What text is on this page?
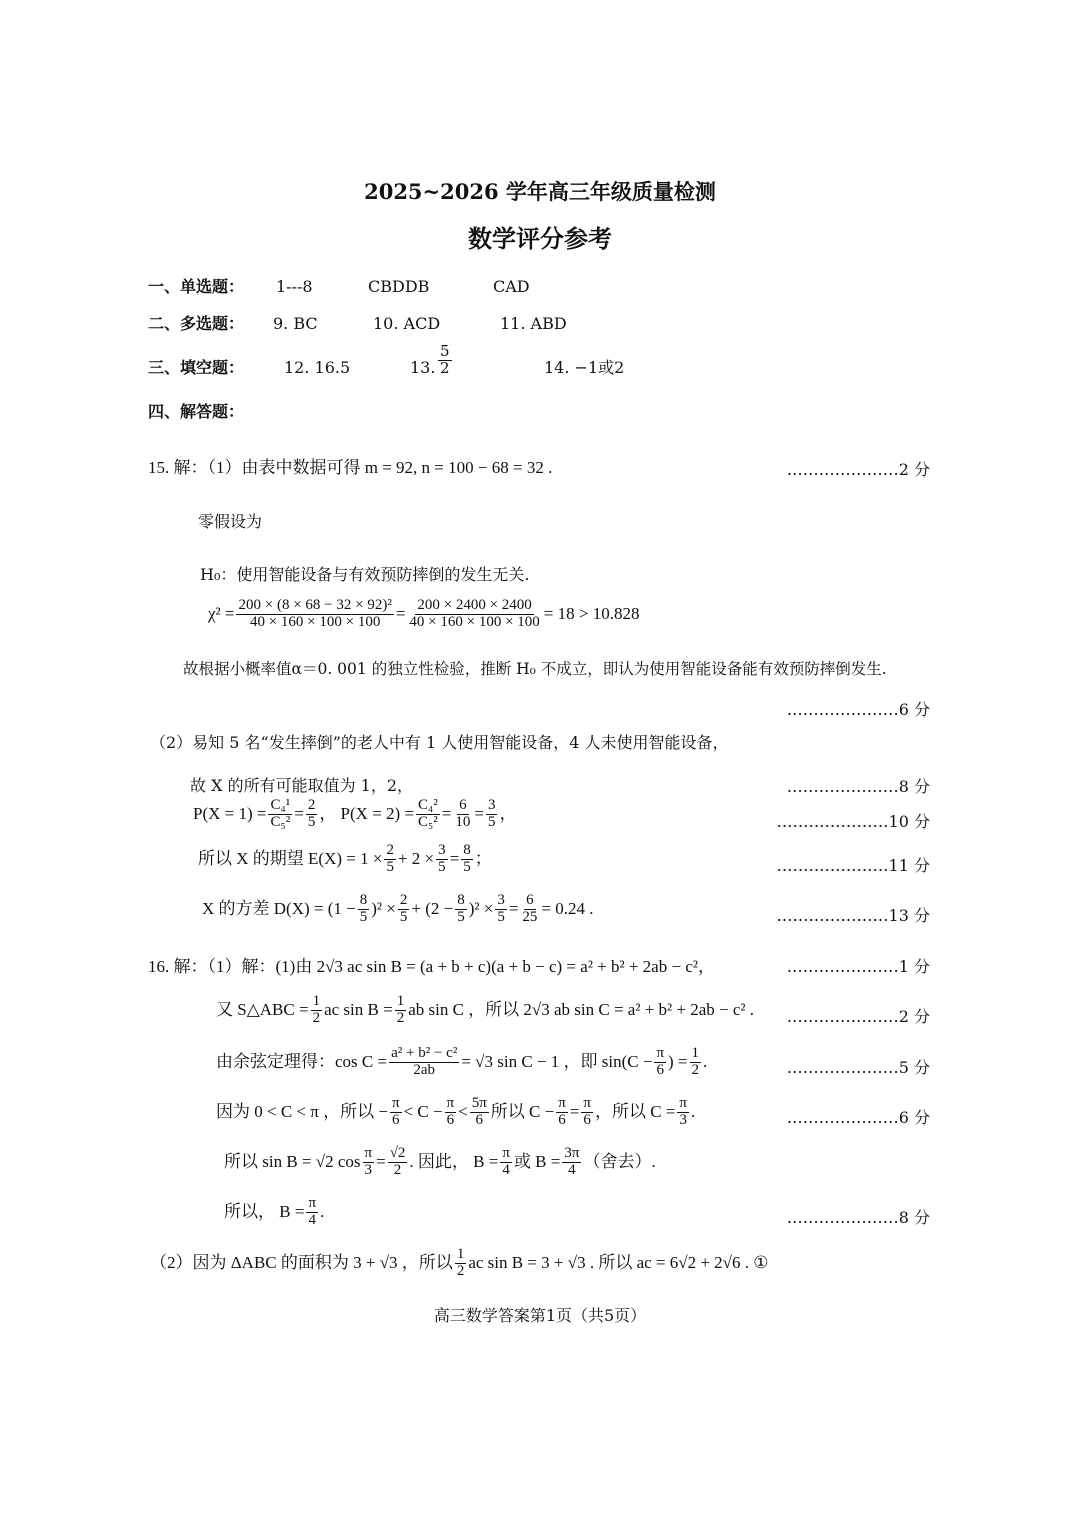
2025~2026 学年高三年级质量检测
数学评分参考
一、单选题： 1---8	CBDDB	CAD
二、多选题： 9. BC	10. ACD	11. ABD
三、填空题： 12. 16.5	13. $\frac{5}{2}$	14. −1或2
四、解答题：
15. 解：（1）由表中数据可得 m = 92, n = 100 − 68 = 32 .	…………………2 分
零假设为
H₀：使用智能设备与有效预防摔倒的发生无关.
$\chi^2 = \frac{\text{200 × (8 × 68 − 32 × 92)²}}{40 \times 160 \times 100 \times 100} = \frac{200 \times 2400 \times 2400}{40 \times 160 \times 100 \times 100} = 18 > 10.828$
故根据小概率值α＝0. 001 的独立性检验，推断 H₀ 不成立，即认为使用智能设备能有效预防摔倒发生.
…………………6 分
（2）易知 5 名“发生摔倒”的老人中有 1 人使用智能设备，4 人未使用智能设备，
故 X 的所有可能取值为 1，2，	…………………8 分
$P(X = 1) = \frac{\text{C₄¹}}{\text{C₅²}} = \frac{2}{5}$ ， $P(X = 2) = \frac{\text{C₄²}}{\text{C₅²}} = \frac{6}{10} = \frac{3}{5}$ ，	…………………10 分
所以 X 的期望 $E(X) = 1 \times \frac{2}{5} + 2 \times \frac{3}{5} = \frac{8}{5}$ ；	…………………11 分
X 的方差 $D(X) = (1 - \frac{8}{5} )^2 \times \frac{2}{5} + (2 - \frac{8}{5} )^2 \times \frac{3}{5} = \frac{6}{25} = 0.24$ .	…………………13 分
16. 解：（1）解：(1)由 2√3 ac sin B = (a + b + c)(a + b − c) = a² + b² + 2ab − c²，	…………………1 分
又 S△ABC = $\frac{1}{2}$ ac $\sin B = \frac{1}{2}$ ab sin C ，所以 2√3 ab sin C = a² + b² + 2ab − c² . …………………2 分
由余弦定理得：$\cos C = \frac{\text{a² + b² − c²}}{2ab} = √3$ sin C − 1 ，即 $\sin(C - \frac{\pi}{6}$ ) = $\frac{1}{2}$ .	…………………5 分
因为 0 < C < π ，所以 − $\frac{\pi}{6} < C - \frac{\pi}{6} < \frac{5\pi}{6}$ 所以 $C - \frac{\pi}{6} = \frac{\pi}{6}$ ，所以 $C = \frac{\pi}{3}$ .	…………………6 分
所以 sin B = √2 $\cos \frac{\pi}{3} = \frac{√2}{2}$ . 因此， $B = \frac{\pi}{4}$ 或 $B = \frac{3\pi}{4}$ （舍去）.
所以， $B = \frac{\pi}{4}$ .	…………………8 分
（2）因为 ΔABC 的面积为 3 + √3 ，所以 $\frac{1}{2}$ ac sin B = 3 + √3 . 所以 ac = 6√2 + 2√6 . ①
高三数学答案第1页（共5页）
